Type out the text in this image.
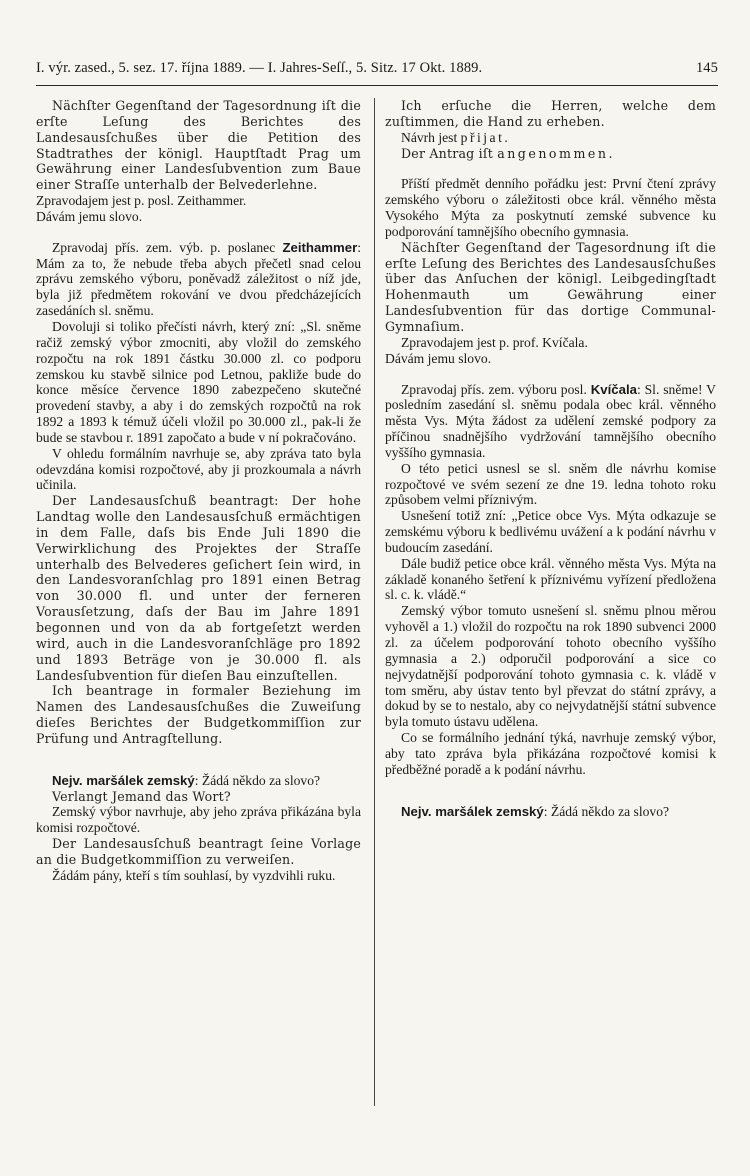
I. výr. zased., 5. sez. 17. října 1889. — I. Jahres-Seſſ., 5. Sitz. 17 Okt. 1889.	145

Nächſter Gegenſtand der Tagesordnung iſt die erſte Leſung des Berichtes des Landesausſchußes über die Petition des Stadtrathes der königl. Hauptſtadt Prag um Gewährung einer Landesſubvention zum Baue einer Straſſe unterhalb der Belvederlehne.

Zpravodajem jest p. posl. Zeithammer.

Dávám jemu slovo.

Zpravodaj přís. zem. výb. p. poslanec Zeithammer: Mám za to, že nebude třeba abych přečetl snad celou zprávu zemského výboru, poněvadž záležitost o níž jde, byla již předmětem rokování ve dvou předcházejících zasedáních sl. sněmu.

Dovoluji si toliko přečísti návrh, který zní: „Sl. sněme račiž zemský výbor zmocniti, aby vložil do zemského rozpočtu na rok 1891 částku 30.000 zl. co podporu zemskou ku stavbě silnice pod Letnou, pakliže bude do konce měsíce července 1890 zabezpečeno skutečné provedení stavby, a aby i do zemských rozpočtů na rok 1892 a 1893 k témuž účeli vložil po 30.000 zl., pak-li že bude se stavbou r. 1891 započato a bude v ní pokračováno.

V ohledu formálním navrhuje se, aby zpráva tato byla odevzdána komisi rozpočtové, aby ji prozkoumala a návrh učinila.

Der Landesausſchuß beantragt: Der hohe Landtag wolle den Landesausſchuß ermächtigen in dem Falle, daſs bis Ende Juli 1890 die Verwirklichung des Projektes der Straſſe unterhalb des Belvederes geſichert ſein wird, in den Landesvoranſchlag pro 1891 einen Betrag von 30.000 fl. und unter der ferneren Vorausſetzung, daſs der Bau im Jahre 1891 begonnen und von da ab fortgeſetzt werden wird, auch in die Landesvoranſchläge pro 1892 und 1893 Beträge von je 30.000 fl. als Landesſubvention für dieſen Bau einzuſtellen.

Ich beantrage in formaler Beziehung im Namen des Landesausſchußes die Zuweiſung dieſes Berichtes der Budgetkommiſſion zur Prüfung und Antragſtellung.

Nejv. maršálek zemský: Žádá někdo za slovo?

Verlangt Jemand das Wort?

Zemský výbor navrhuje, aby jeho zpráva přikázána byla komisi rozpočtové.

Der Landesausſchuß beantragt ſeine Vorlage an die Budgetkommiſſion zu verweiſen.

Žádám pány, kteří s tím souhlasí, by vyzdvihli ruku.

Ich erſuche die Herren, welche dem zuſtimmen, die Hand zu erheben.

Návrh jest přijat.

Der Antrag iſt angenommen.

Příští předmět denního pořádku jest: První čtení zprávy zemského výboru o záležitosti obce král. věnného města Vysokého Mýta za poskytnutí zemské subvence ku podporování tamnějšího obecního gymnasia.

Nächſter Gegenſtand der Tagesordnung iſt die erſte Leſung des Berichtes des Landesausſchußes über das Anſuchen der königl. Leibgedingſtadt Hohenmauth um Gewährung einer Landesſubvention für das dortige Communal-Gymnaſium.

Zpravodajem jest p. prof. Kvíčala.

Dávám jemu slovo.

Zpravodaj přís. zem. výboru posl. Kvíčala: Sl. sněme! V posledním zasedání sl. sněmu podala obec král. věnného města Vys. Mýta žádost za udělení zemské podpory za příčinou snadnějšího vydržování tamnějšího obecního vyššího gymnasia.

O této petici usnesl se sl. sněm dle návrhu komise rozpočtové ve svém sezení ze dne 19. ledna tohoto roku způsobem velmi příznivým.

Usnešení totiž zní: „Petice obce Vys. Mýta odkazuje se zemskému výboru k bedlivému uvážení a k podání návrhu v budoucím zasedání.

Dále budiž petice obce král. věnného města Vys. Mýta na základě konaného šetření k příznivému vyřízení předložena sl. c. k. vládě.“

Zemský výbor tomuto usnešení sl. sněmu plnou měrou vyhověl a 1.) vložil do rozpočtu na rok 1890 subvenci 2000 zl. za účelem podporování tohoto obecního vyššího gymnasia a 2.) odporučil podporování a sice co nejvydatnější podporování tohoto gymnasia c. k. vládě v tom směru, aby ústav tento byl převzat do státní zprávy, a dokud by se to nestalo, aby co nejvydatnější státní subvence byla tomuto ústavu udělena.

Co se formálního jednání týká, navrhuje zemský výbor, aby tato zpráva byla přikázána rozpočtové komisi k předběžné poradě a k podání návrhu.

Nejv. maršálek zemský: Žádá někdo za slovo?
